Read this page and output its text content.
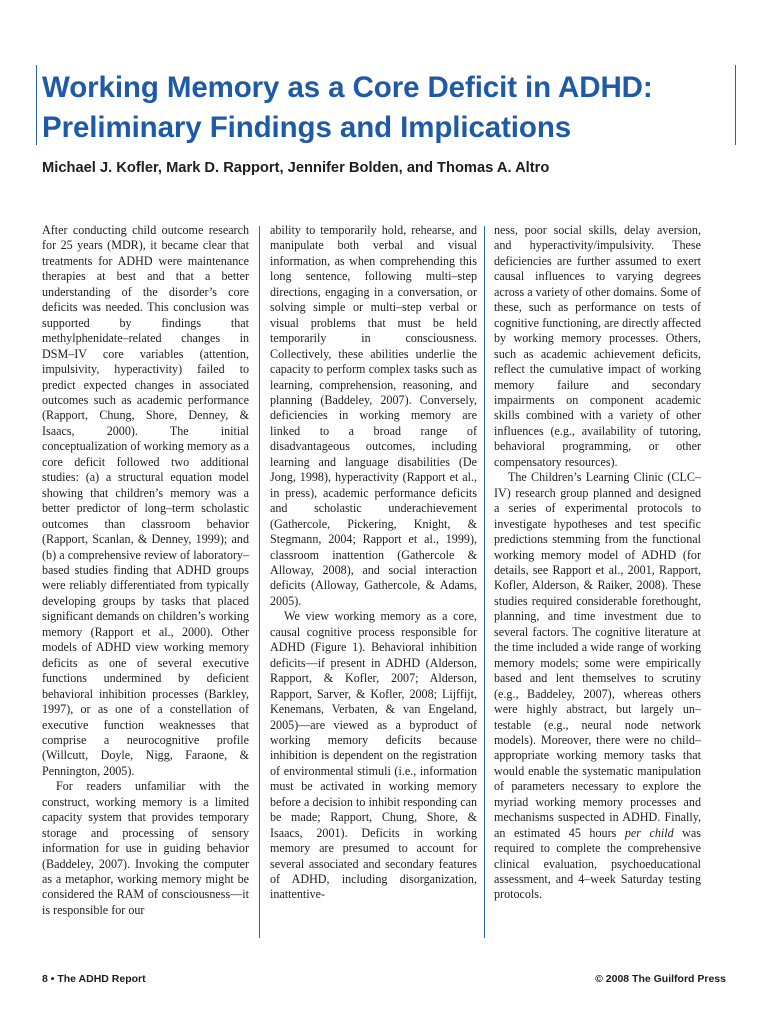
Working Memory as a Core Deficit in ADHD:
Preliminary Findings and Implications
Michael J. Kofler, Mark D. Rapport, Jennifer Bolden, and Thomas A. Altro

After conducting child outcome research for 25 years (MDR), it became clear that treatments for ADHD were maintenance therapies at best and that a better understanding of the disorder’s core deficits was needed. This conclusion was supported by findings that methylphenidate–related changes in DSM–IV core variables (attention, impulsivity, hyperactivity) failed to predict expected changes in associated outcomes such as academic performance (Rapport, Chung, Shore, Denney, & Isaacs, 2000). The initial conceptualization of working memory as a core deficit followed two additional studies: (a) a structural equation model showing that children’s memory was a better predictor of long–term scholastic outcomes than classroom behavior (Rapport, Scanlan, & Denney, 1999); and (b) a comprehensive review of laboratory–based studies finding that ADHD groups were reliably differentiated from typically developing groups by tasks that placed significant demands on children’s working memory (Rapport et al., 2000). Other models of ADHD view working memory deficits as one of several executive functions undermined by deficient behavioral inhibition processes (Barkley, 1997), or as one of a constellation of executive function weaknesses that comprise a neurocognitive profile (Willcutt, Doyle, Nigg, Faraone, & Pennington, 2005).

For readers unfamiliar with the construct, working memory is a limited capacity system that provides temporary storage and processing of sensory information for use in guiding behavior (Baddeley, 2007). Invoking the computer as a metaphor, working memory might be considered the RAM of consciousness—it is responsible for our

ability to temporarily hold, rehearse, and manipulate both verbal and visual information, as when comprehending this long sentence, following multi–step directions, engaging in a conversation, or solving simple or multi–step verbal or visual problems that must be held temporarily in consciousness. Collectively, these abilities underlie the capacity to perform complex tasks such as learning, comprehension, reasoning, and planning (Baddeley, 2007). Conversely, deficiencies in working memory are linked to a broad range of disadvantageous outcomes, including learning and language disabilities (De Jong, 1998), hyperactivity (Rapport et al., in press), academic performance deficits and scholastic underachievement (Gathercole, Pickering, Knight, & Stegmann, 2004; Rapport et al., 1999), classroom inattention (Gathercole & Alloway, 2008), and social interaction deficits (Alloway, Gathercole, & Adams, 2005).

We view working memory as a core, causal cognitive process responsible for ADHD (Figure 1). Behavioral inhibition deficits—if present in ADHD (Alderson, Rapport, & Kofler, 2007; Alderson, Rapport, Sarver, & Kofler, 2008; Lijffijt, Kenemans, Verbaten, & van Engeland, 2005)—are viewed as a byproduct of working memory deficits because inhibition is dependent on the registration of environmental stimuli (i.e., information must be activated in working memory before a decision to inhibit responding can be made; Rapport, Chung, Shore, & Isaacs, 2001). Deficits in working memory are presumed to account for several associated and secondary features of ADHD, including disorganization, inattentive-

ness, poor social skills, delay aversion, and hyperactivity/impulsivity. These deficiencies are further assumed to exert causal influences to varying degrees across a variety of other domains. Some of these, such as performance on tests of cognitive functioning, are directly affected by working memory processes. Others, such as academic achievement deficits, reflect the cumulative impact of working memory failure and secondary impairments on component academic skills combined with a variety of other influences (e.g., availability of tutoring, behavioral programming, or other compensatory resources).

The Children’s Learning Clinic (CLC–IV) research group planned and designed a series of experimental protocols to investigate hypotheses and test specific predictions stemming from the functional working memory model of ADHD (for details, see Rapport et al., 2001, Rapport, Kofler, Alderson, & Raiker, 2008). These studies required considerable forethought, planning, and time investment due to several factors. The cognitive literature at the time included a wide range of working memory models; some were empirically based and lent themselves to scrutiny (e.g., Baddeley, 2007), whereas others were highly abstract, but largely un–testable (e.g., neural node network models). Moreover, there were no child–appropriate working memory tasks that would enable the systematic manipulation of parameters necessary to explore the myriad working memory processes and mechanisms suspected in ADHD. Finally, an estimated 45 hours per child was required to complete the comprehensive clinical evaluation, psychoeducational assessment, and 4–week Saturday testing protocols.

8 • The ADHD Report	© 2008 The Guilford Press
